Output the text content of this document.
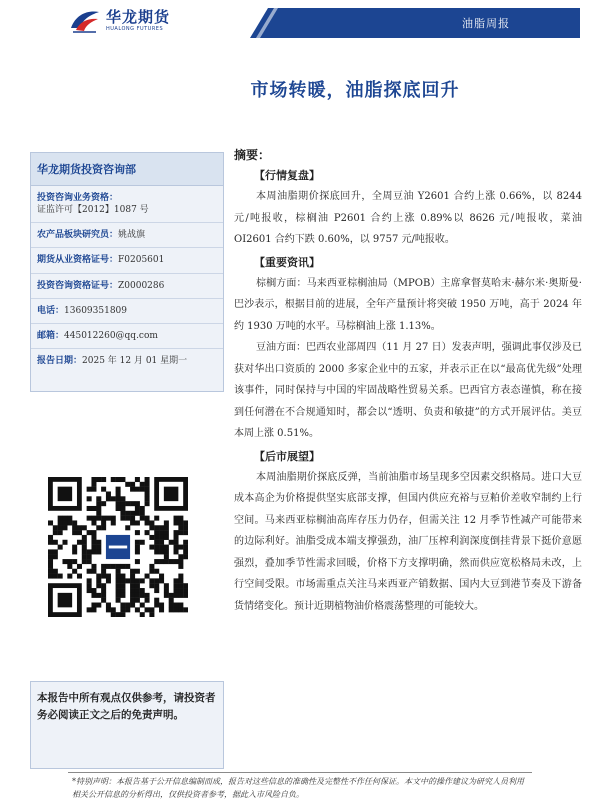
华龙期货
HUALONG FUTURES	油脂周报
市场转暖，油脂探底回升
华龙期货投资咨询部
投资咨询业务资格：
证监许可【2012】1087 号
农产品板块研究员：姚战旗
期货从业资格证号：F0205601
投资咨询资格证号：Z0000286
电话：13609351809
邮箱：445012260@qq.com
报告日期：2025 年 12 月 01 星期一
本报告中所有观点仅供参考，请投资者务必阅读正文之后的免责声明。
摘要：
【行情复盘】

本周油脂期价探底回升，全周豆油 Y2601 合约上涨 0.66%，以 8244 元/吨报收，棕榈油 P2601 合约上涨 0.89%以 8626 元/吨报收，菜油 OI2601 合约下跌 0.60%，以 9757 元/吨报收。

【重要资讯】

棕榈方面：马来西亚棕榈油局（MPOB）主席拿督莫哈末·赫尔米·奥斯曼·巴沙表示，根据目前的进展，全年产量预计将突破 1950 万吨，高于 2024 年约 1930 万吨的水平。马棕榈油上涨 1.13%。

豆油方面：巴西农业部周四（11 月 27 日）发表声明，强调此事仅涉及已获对华出口资质的 2000 多家企业中的五家，并表示正在以“最高优先级”处理该事件，同时保持与中国的牢固战略性贸易关系。巴西官方表态谨慎，称在接到任何潜在不合规通知时，都会以“透明、负责和敏捷”的方式开展评估。美豆本周上涨 0.51%。

【后市展望】

本周油脂期价探底反弹，当前油脂市场呈现多空因素交织格局。进口大豆成本高企为价格提供坚实底部支撑，但国内供应充裕与豆粕价差收窄制约上行空间。马来西亚棕榈油高库存压力仍存，但需关注 12 月季节性减产可能带来的边际利好。油脂受成本端支撑强劲，油厂压榨利润深度倒挂背景下挺价意愿强烈，叠加季节性需求回暖，价格下方支撑明确，然而供应宽松格局未改，上行空间受限。市场需重点关注马来西亚产销数据、国内大豆到港节奏及下游备货情绪变化。预计近期植物油价格震荡整理的可能较大。

*特别声明：本报告基于公开信息编制而成，报告对这些信息的准确性及完整性不作任何保证。本文中的操作建议为研究人员利用相关公开信息的分析得出，仅供投资者参考，据此入市风险自负。
